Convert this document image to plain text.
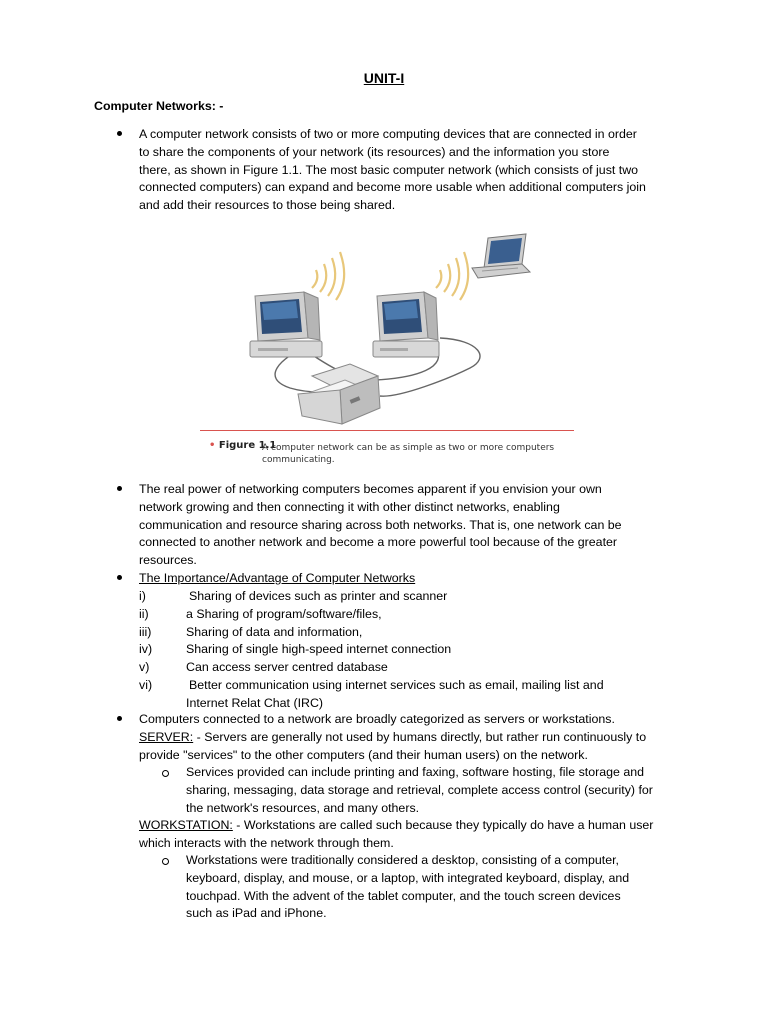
UNIT-I
Computer Networks: -
A computer network consists of two or more computing devices that are connected in order
to share the components of your network (its resources) and the information you store
there, as shown in Figure 1.1. The most basic computer network (which consists of just two
connected computers) can expand and become more usable when additional computers join
and add their resources to those being shared.
• Figure 1.1
A computer network can be as simple as two or more computers
communicating.
The real power of networking computers becomes apparent if you envision your own
network growing and then connecting it with other distinct networks, enabling
communication and resource sharing across both networks. That is, one network can be
connected to another network and become a more powerful tool because of the greater
resources.
The Importance/Advantage of Computer Networks
i)	Sharing of devices such as printer and scanner
ii)	a Sharing of program/software/files,
iii)	Sharing of data and information,
iv)	Sharing of single high-speed internet connection
v)	Can access server centred database
vi)	Better communication using internet services such as email, mailing list and
Internet Relat Chat (IRC)
Computers connected to a network are broadly categorized as servers or workstations.
SERVER: - Servers are generally not used by humans directly, but rather run continuously to
provide "services" to the other computers (and their human users) on the network.
Services provided can include printing and faxing, software hosting, file storage and
sharing, messaging, data storage and retrieval, complete access control (security) for
the network's resources, and many others.
WORKSTATION: - Workstations are called such because they typically do have a human user
which interacts with the network through them.
Workstations were traditionally considered a desktop, consisting of a computer,
keyboard, display, and mouse, or a laptop, with integrated keyboard, display, and
touchpad. With the advent of the tablet computer, and the touch screen devices
such as iPad and iPhone.
